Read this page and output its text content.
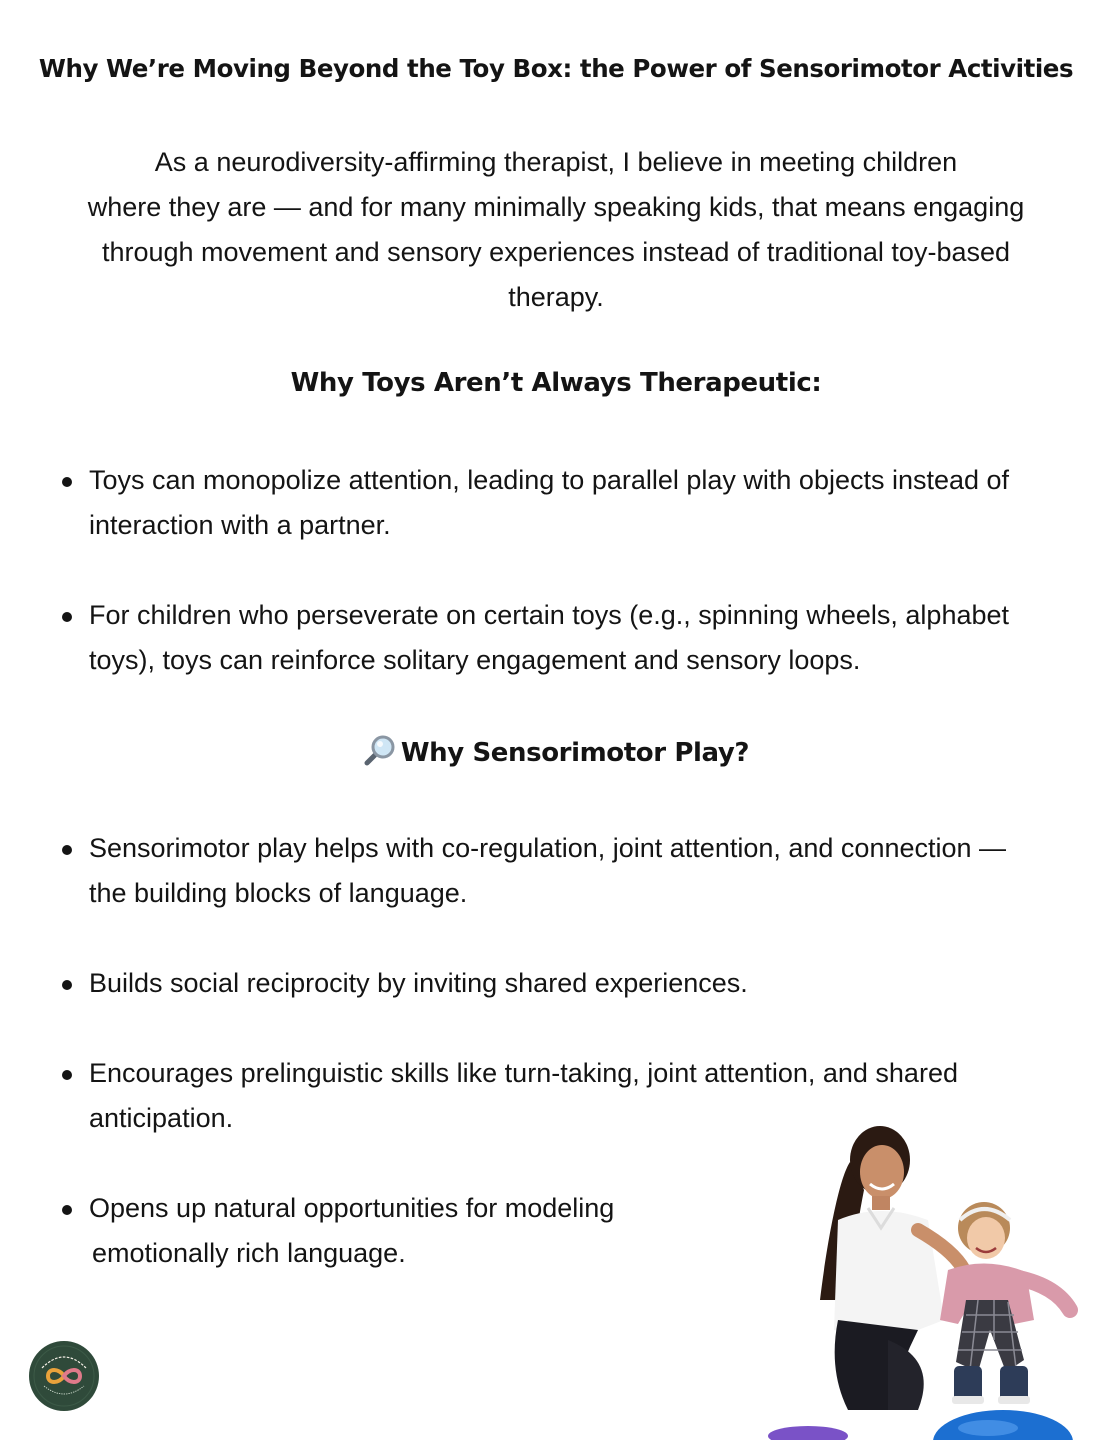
Why We’re Moving Beyond the Toy Box: the Power of Sensorimotor Activities

As a neurodiversity-affirming therapist, I believe in meeting children
where they are — and for many minimally speaking kids, that means engaging
through movement and sensory experiences instead of traditional toy-based
therapy.

Why Toys Aren’t Always Therapeutic:
Toys can monopolize attention, leading to parallel play with objects instead of
interaction with a partner.
For children who perseverate on certain toys (e.g., spinning wheels, alphabet
toys), toys can reinforce solitary engagement and sensory loops.
Why Sensorimotor Play?
Sensorimotor play helps with co-regulation, joint attention, and connection —
the building blocks of language.
Builds social reciprocity by inviting shared experiences.
Encourages prelinguistic skills like turn-taking, joint attention, and shared
anticipation.
Opens up natural opportunities for modeling
emotionally rich language.
